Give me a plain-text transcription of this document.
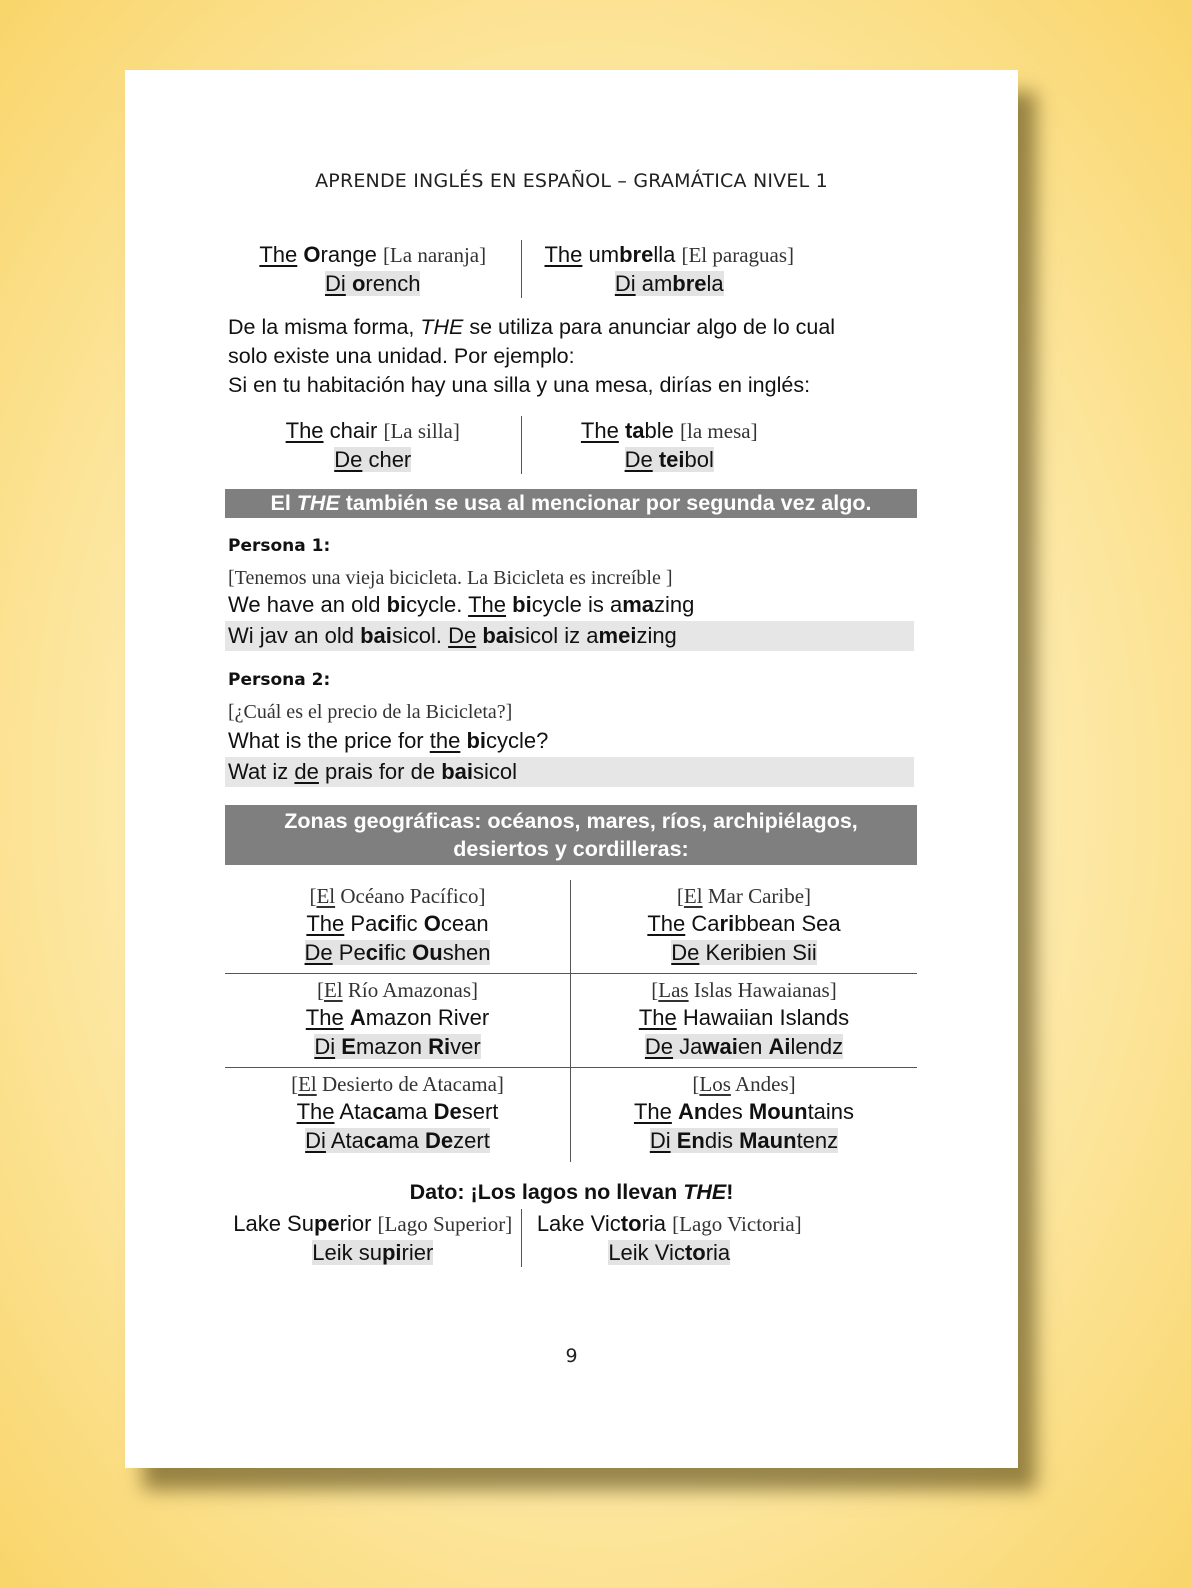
APRENDE INGLÉS EN ESPAÑOL – GRAMÁTICA NIVEL 1
The Orange [La naranja]
Di orench
The umbrella [El paraguas]
Di ambrela
De la misma forma, THE se utiliza para anunciar algo de lo cual
solo existe una unidad. Por ejemplo:
Si en tu habitación hay una silla y una mesa, dirías en inglés:
The chair [La silla]
De cher
The table [la mesa]
De teibol
El THE también se usa al mencionar por segunda vez algo.
Persona 1:
[Tenemos una vieja bicicleta. La Bicicleta es increíble ]
We have an old bicycle. The bicycle is amazing
Wi jav an old baisicol. De baisicol iz ameizing
Persona 2:
[¿Cuál es el precio de la Bicicleta?]
What is the price for the bicycle?
Wat iz de prais for de baisicol
Zonas geográficas: océanos, mares, ríos, archipiélagos,
desiertos y cordilleras:
[El Océano Pacífico]
The Pacific Ocean
De Pecific Oushen
[El Mar Caribe]
The Caribbean Sea
De Keribien Sii
[El Río Amazonas]
The Amazon River
Di Emazon River
[Las Islas Hawaianas]
The Hawaiian Islands
De Jawaien Ailendz
[El Desierto de Atacama]
The Atacama Desert
Di Atacama Dezert
[Los Andes]
The Andes Mountains
Di Endis Mauntenz
Dato: ¡Los lagos no llevan THE!
Lake Superior [Lago Superior]
Leik supirier
Lake Victoria [Lago Victoria]
Leik Victoria
9
